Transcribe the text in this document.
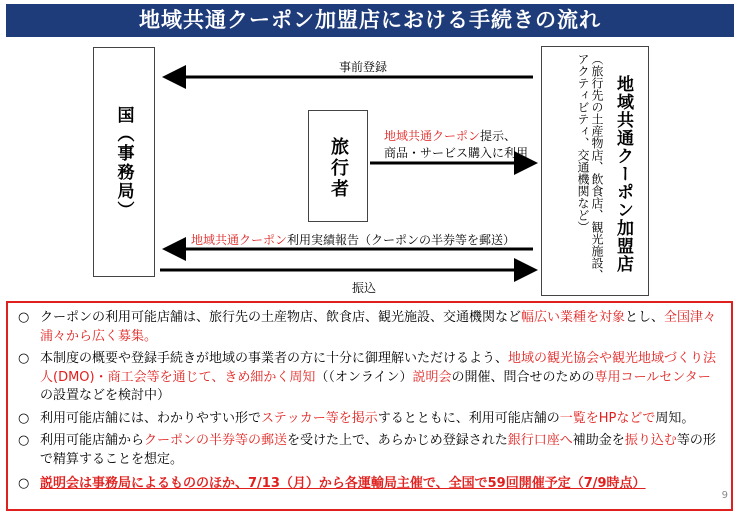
地域共通クーポン加盟店における手続きの流れ
事前登録
地域共通クーポン提示、
商品・サービス購入に利用
地域共通クーポン利用実績報告（クーポンの半券等を郵送）
振込
国（事務局）	旅行者	地域共通クーポン加盟店
（旅行先の土産物店、飲食店、観光施設、アクティビティ、交通機関など）
○ クーポンの利用可能店舗は、旅行先の土産物店、飲食店、観光施設、交通機関など幅広い業種を対象とし、全国津々浦々から広く募集。
○ 本制度の概要や登録手続きが地域の事業者の方に十分に御理解いただけるよう、地域の観光協会や観光地域づくり法人(DMO)・商工会等を通じて、きめ細かく周知（（オンライン）説明会の開催、問合せのための専用コールセンターの設置などを検討中）
○ 利用可能店舗には、わかりやすい形でステッカー等を掲示するとともに、利用可能店舗の一覧をHPなどで周知。
○ 利用可能店舗からクーポンの半券等の郵送を受けた上で、あらかじめ登録された銀行口座へ補助金を振り込む等の形で精算することを想定。
○ 説明会は事務局によるもののほか、7/13（月）から各運輸局主催で、全国で59回開催予定（7/9時点）
9
